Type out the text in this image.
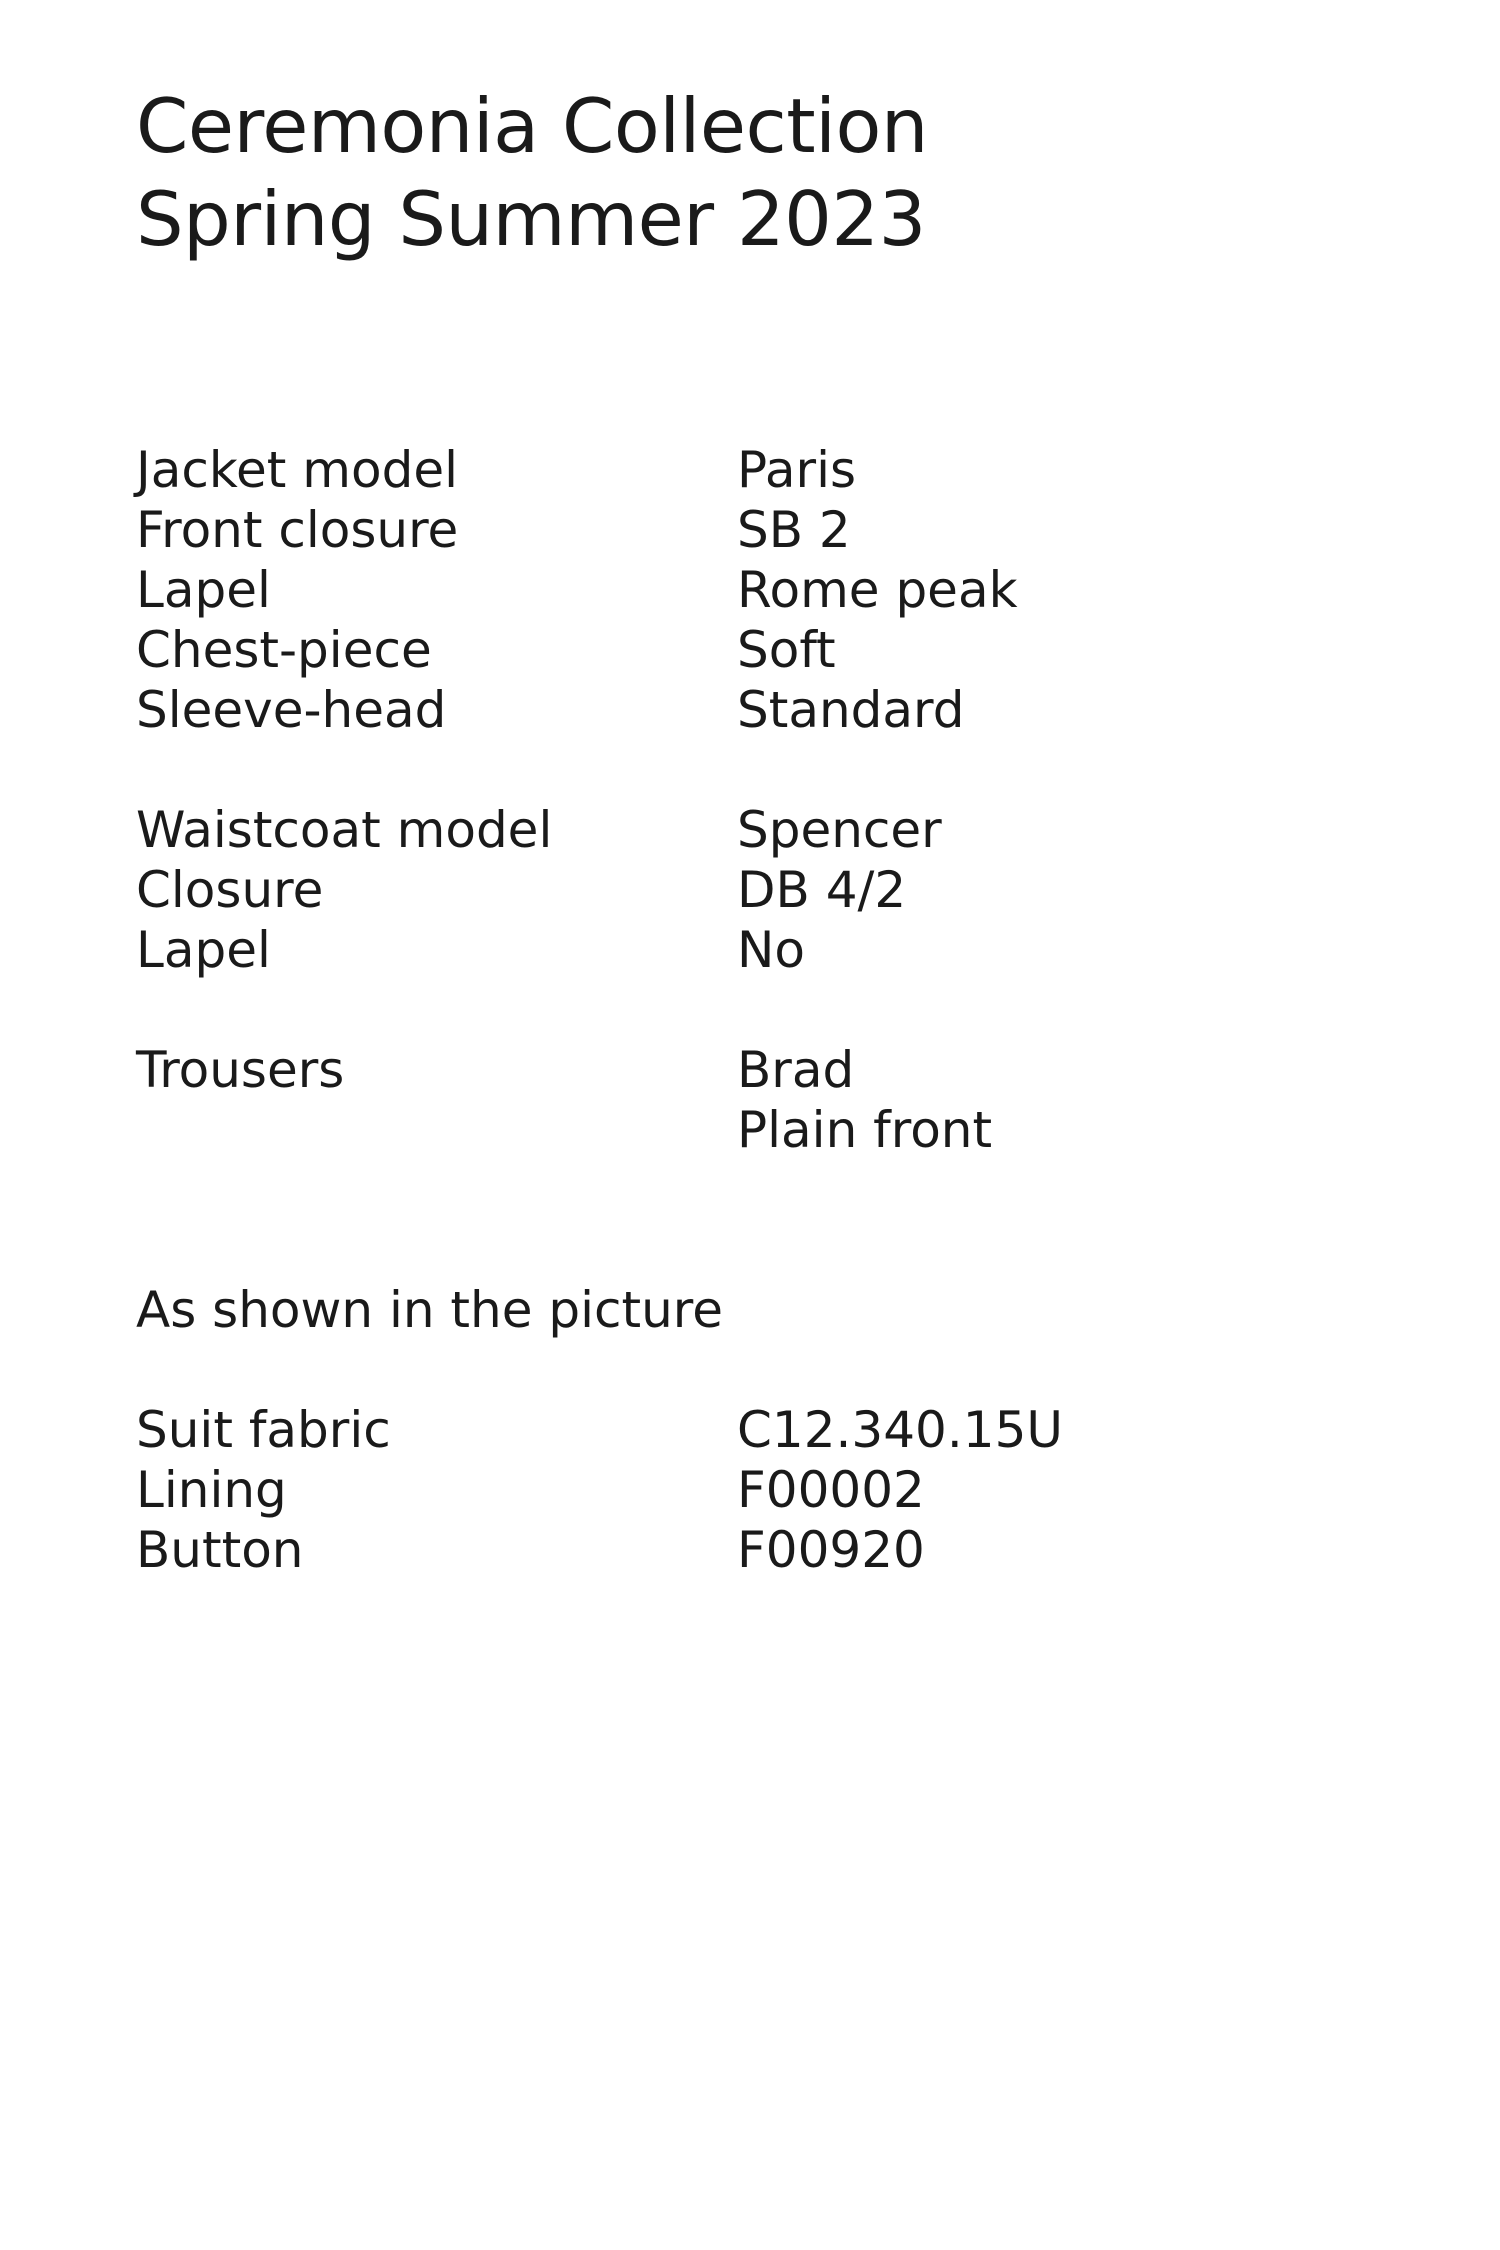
Ceremonia Collection
Spring Summer 2023
Jacket model	Paris
Front closure	SB 2
Lapel	Rome peak
Chest-piece	Soft
Sleeve-head	Standard
Waistcoat model	Spencer
Closure	DB 4/2
Lapel	No
Trousers	Brad
Plain front
As shown in the picture
Suit fabric	C12.340.15U
Lining	F00002
Button	F00920
